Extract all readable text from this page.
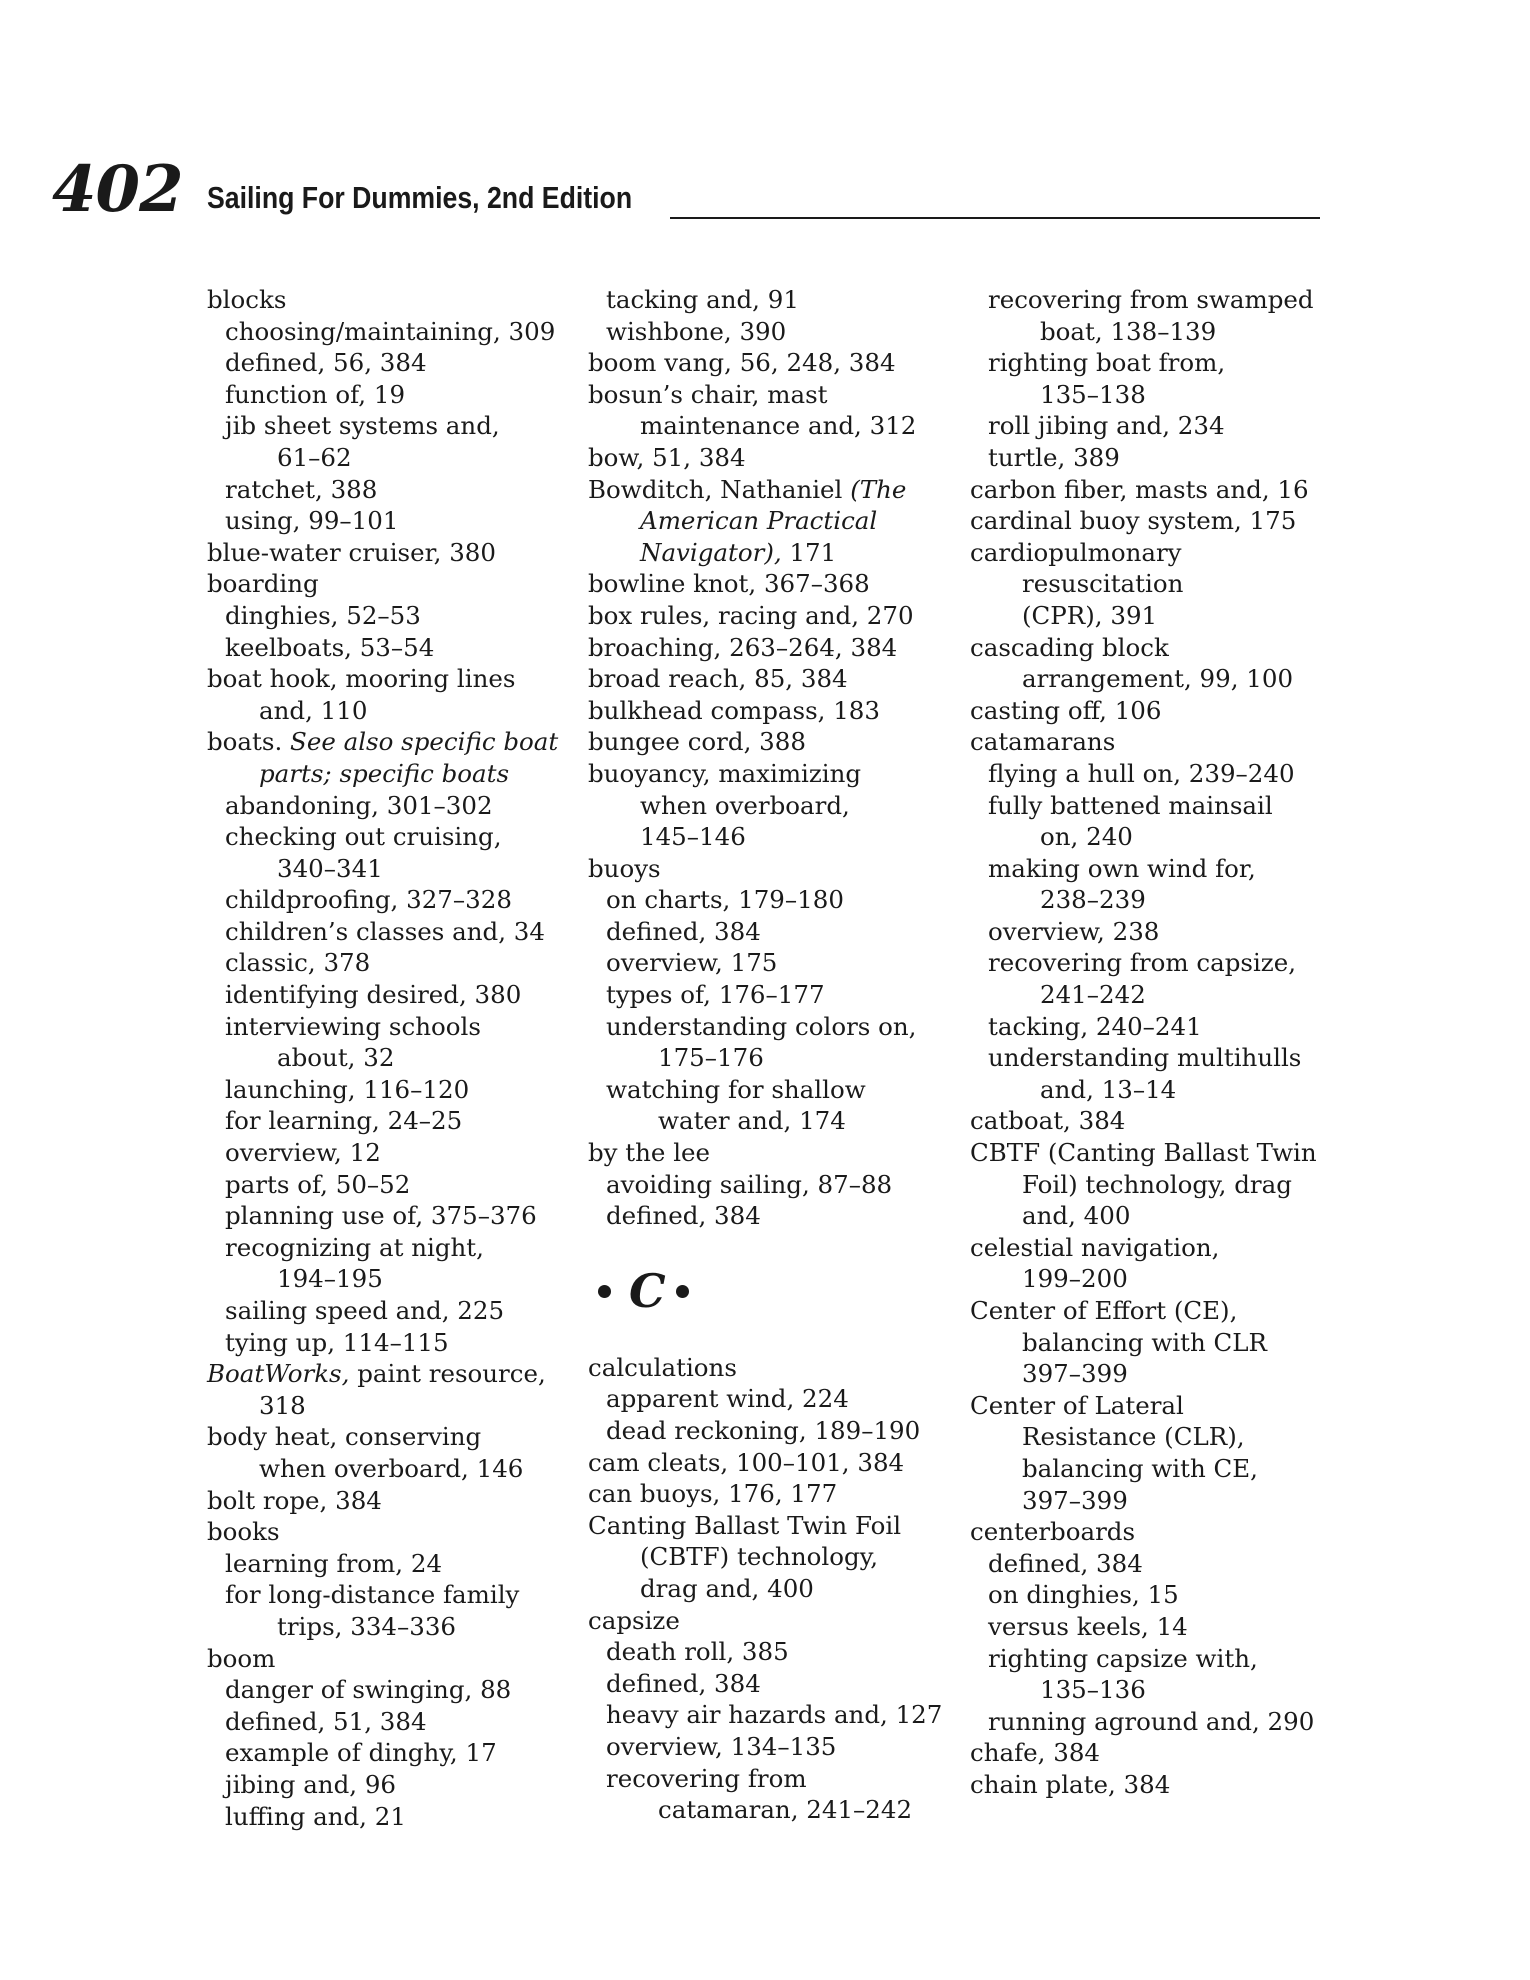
402 Sailing For Dummies, 2nd Edition
blocks
choosing/maintaining, 309
defined, 56, 384
function of, 19
jib sheet systems and,
61–62
ratchet, 388
using, 99–101
blue-water cruiser, 380
boarding
dinghies, 52–53
keelboats, 53–54
boat hook, mooring lines
and, 110
boats. See also specific boat
parts; specific boats
abandoning, 301–302
checking out cruising,
340–341
childproofing, 327–328
children’s classes and, 34
classic, 378
identifying desired, 380
interviewing schools
about, 32
launching, 116–120
for learning, 24–25
overview, 12
parts of, 50–52
planning use of, 375–376
recognizing at night,
194–195
sailing speed and, 225
tying up, 114–115
BoatWorks, paint resource,
318
body heat, conserving
when overboard, 146
bolt rope, 384
books
learning from, 24
for long-distance family
trips, 334–336
boom
danger of swinging, 88
defined, 51, 384
example of dinghy, 17
jibing and, 96
luffing and, 21
tacking and, 91
wishbone, 390
boom vang, 56, 248, 384
bosun’s chair, mast
maintenance and, 312
bow, 51, 384
Bowditch, Nathaniel (The
American Practical
Navigator), 171
bowline knot, 367–368
box rules, racing and, 270
broaching, 263–264, 384
broad reach, 85, 384
bulkhead compass, 183
bungee cord, 388
buoyancy, maximizing
when overboard,
145–146
buoys
on charts, 179–180
defined, 384
overview, 175
types of, 176–177
understanding colors on,
175–176
watching for shallow
water and, 174
by the lee
avoiding sailing, 87–88
defined, 384
C
calculations
apparent wind, 224
dead reckoning, 189–190
cam cleats, 100–101, 384
can buoys, 176, 177
Canting Ballast Twin Foil
(CBTF) technology,
drag and, 400
capsize
death roll, 385
defined, 384
heavy air hazards and, 127
overview, 134–135
recovering from
catamaran, 241–242
recovering from swamped
boat, 138–139
righting boat from,
135–138
roll jibing and, 234
turtle, 389
carbon fiber, masts and, 16
cardinal buoy system, 175
cardiopulmonary
resuscitation
(CPR), 391
cascading block
arrangement, 99, 100
casting off, 106
catamarans
flying a hull on, 239–240
fully battened mainsail
on, 240
making own wind for,
238–239
overview, 238
recovering from capsize,
241–242
tacking, 240–241
understanding multihulls
and, 13–14
catboat, 384
CBTF (Canting Ballast Twin
Foil) technology, drag
and, 400
celestial navigation,
199–200
Center of Effort (CE),
balancing with CLR
397–399
Center of Lateral
Resistance (CLR),
balancing with CE,
397–399
centerboards
defined, 384
on dinghies, 15
versus keels, 14
righting capsize with,
135–136
running aground and, 290
chafe, 384
chain plate, 384
